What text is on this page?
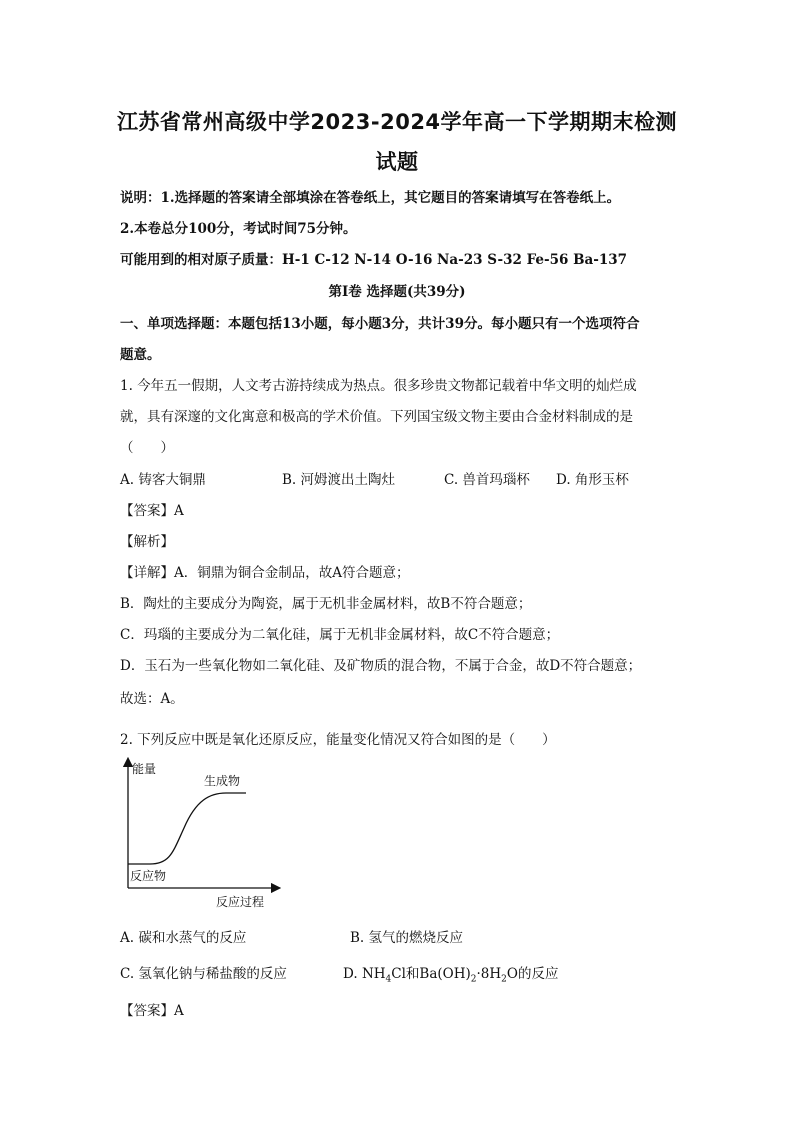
江苏省常州高级中学2023-2024学年高一下学期期末检测
试题
说明：1.选择题的答案请全部填涂在答卷纸上，其它题目的答案请填写在答卷纸上。
2.本卷总分100分，考试时间75分钟。
可能用到的相对原子质量：H-1 C-12 N-14 O-16 Na-23 S-32 Fe-56 Ba-137
第Ⅰ卷 选择题(共39分)
一、单项选择题：本题包括13小题，每小题3分，共计39分。每小题只有一个选项符合
题意。
1. 今年五一假期，人文考古游持续成为热点。很多珍贵文物都记载着中华文明的灿烂成
就，具有深邃的文化寓意和极高的学术价值。下列国宝级文物主要由合金材料制成的是
（　　）
A. 铸客大铜鼎	B. 河姆渡出土陶灶	C. 兽首玛瑙杯 D. 角形玉杯
【答案】A
【解析】
【详解】A．铜鼎为铜合金制品，故A符合题意；
B．陶灶的主要成分为陶瓷，属于无机非金属材料，故B不符合题意；
C．玛瑙的主要成分为二氧化硅，属于无机非金属材料，故C不符合题意；
D．玉石为一些氧化物如二氧化硅、及矿物质的混合物，不属于合金，故D不符合题意；
故选：A。
2. 下列反应中既是氧化还原反应，能量变化情况又符合如图的是（　　）
能量
生成物
反应物
反应过程
A. 碳和水蒸气的反应	B. 氢气的燃烧反应
C. 氢氧化钠与稀盐酸的反应	D. $NH_4Cl$和$Ba(OH)_2\cdot 8H_2O$的反应
【答案】A
